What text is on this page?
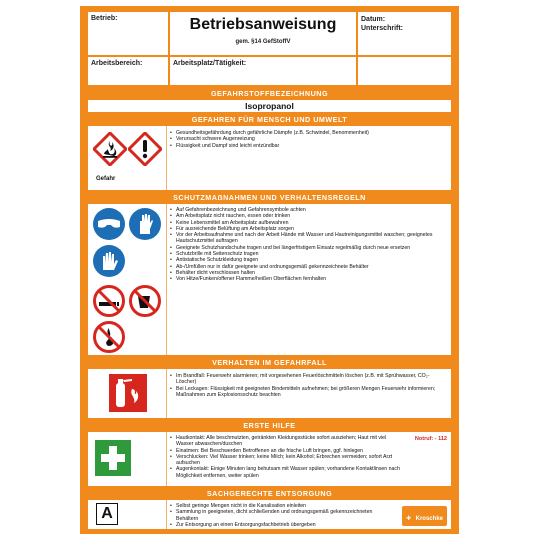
Betrieb:	Betriebsanweisung
gem. §14 GefStoffV
Datum:
Unterschrift:
Arbeitsbereich:	Arbeitsplatz/Tätigkeit:
GEFAHRSTOFFBEZEICHNUNG
Isopropanol
GEFAHREN FÜR MENSCH UND UMWELT
Gefahr
• Gesundheitsgefährdung durch gefährliche Dämpfe (z.B. Schwindel, Benommenheit)
• Verursacht schwere Augenreizung
• Flüssigkeit und Dampf sind leicht entzündbar
SCHUTZMAẞNAHMEN UND VERHALTENSREGELN
• Auf Gefahrenbezeichnung und Gefahrensymbole achten
• Am Arbeitsplatz nicht rauchen, essen oder trinken
• Keine Lebensmittel am Arbeitsplatz aufbewahren
• Für ausreichende Belüftung am Arbeitsplatz sorgen
• Vor der Arbeitsaufnahme und nach der Arbeit Hände mit Wasser und Hautreinigungsmittel waschen; geeignetes Hautschutzmittel auftragen
• Geeignete Schutzhandschuhe tragen und bei längerfristigem Einsatz regelmäßig durch neue ersetzen
• Schutzbrille mit Seitenschutz tragen
• Antistatische Schutzkleidung tragen
• Ab-/Umfüllen nur in dafür geeignete und ordnungsgemäß gekennzeichnete Behälter
• Behälter dicht verschlossen halten
• Von Hitze/Funken/offener Flamme/heißen Oberflächen fernhalten
VERHALTEN IM GEFAHRFALL
• Im Brandfall: Feuerwehr alarmieren; mit vorgesehenen Feuerlöschmitteln löschen (z.B. mit Sprühwasser, CO₂-Löscher)
• Bei Leckagen: Flüssigkeit mit geeigneten Bindemitteln aufnehmen; bei größeren Mengen Feuerwehr informieren; Maßnahmen zum Explosionsschutz beachten
ERSTE HILFE
• Hautkontakt: Alle beschmutzten, getränkten Kleidungsstücke sofort ausziehen; Haut mit viel Wasser abwaschen/duschen
• Einatmen: Bei Beschwerden Betroffenen an die frische Luft bringen, ggf. hinlegen
• Verschlucken: Viel Wasser trinken; keine Milch; kein Alkohol; Erbrechen vermeiden; sofort Arzt aufsuchen
• Augenkontakt: Einige Minuten lang behutsam mit Wasser spülen; vorhandene Kontaktlinsen nach Möglichkeit entfernen, weiter spülen
Notruf: - 112
SACHGERECHTE ENTSORGUNG
A
•	Selbst geringe Mengen nicht in die Kanalisation einleiten
• Sammlung in geeigneten, dicht schließenden und ordnungsgemäß gekennzeichneten Behältern
• Zur Entsorgung an einen Entsorgungsfachbetrieb übergeben
✚ Kroschke
